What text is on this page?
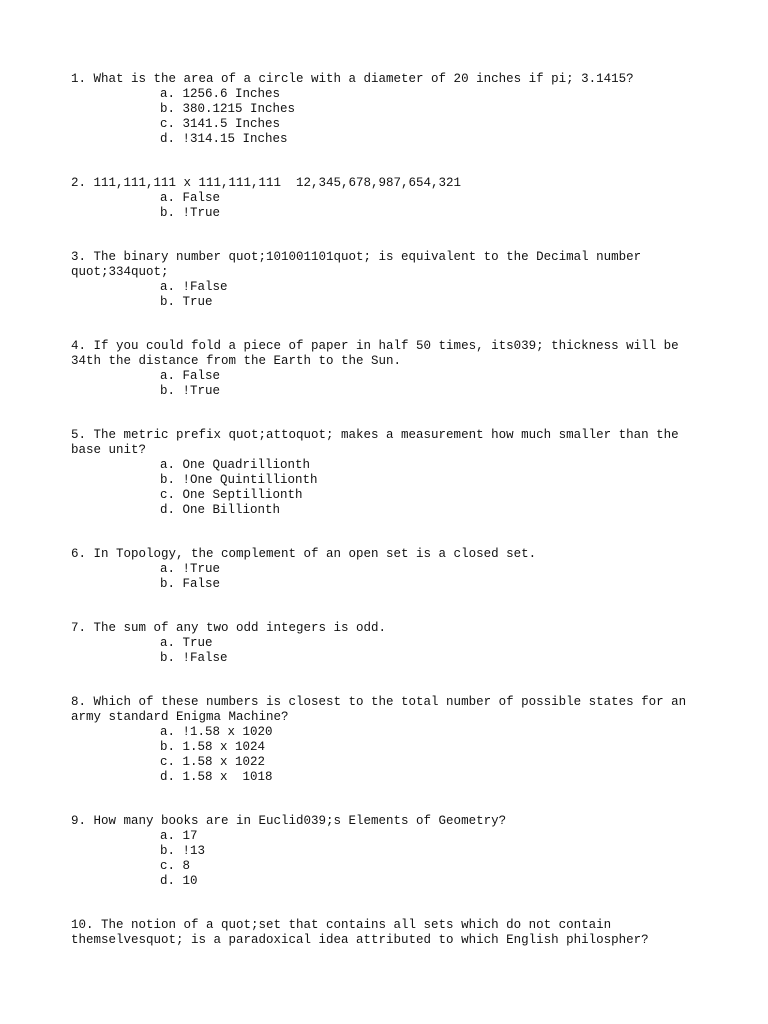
1. What is the area of a circle with a diameter of 20 inches if pi; 3.1415?
a. 1256.6 Inches
b. 380.1215 Inches
c. 3141.5 Inches
d. !314.15 Inches
2. 111,111,111 x 111,111,111  12,345,678,987,654,321
a. False
b. !True
3. The binary number quot;101001101quot; is equivalent to the Decimal number quot;334quot;
a. !False
b. True
4. If you could fold a piece of paper in half 50 times, its039; thickness will be 34th the distance from the Earth to the Sun.
a. False
b. !True
5. The metric prefix quot;attoquot; makes a measurement how much smaller than the base unit?
a. One Quadrillionth
b. !One Quintillionth
c. One Septillionth
d. One Billionth
6. In Topology, the complement of an open set is a closed set.
a. !True
b. False
7. The sum of any two odd integers is odd.
a. True
b. !False
8. Which of these numbers is closest to the total number of possible states for an army standard Enigma Machine?
a. !1.58 x 1020
b. 1.58 x 1024
c. 1.58 x 1022
d. 1.58 x  1018
9. How many books are in Euclid039;s Elements of Geometry?
a. 17
b. !13
c. 8
d. 10
10. The notion of a quot;set that contains all sets which do not contain themselvesquot; is a paradoxical idea attributed to which English philospher?
